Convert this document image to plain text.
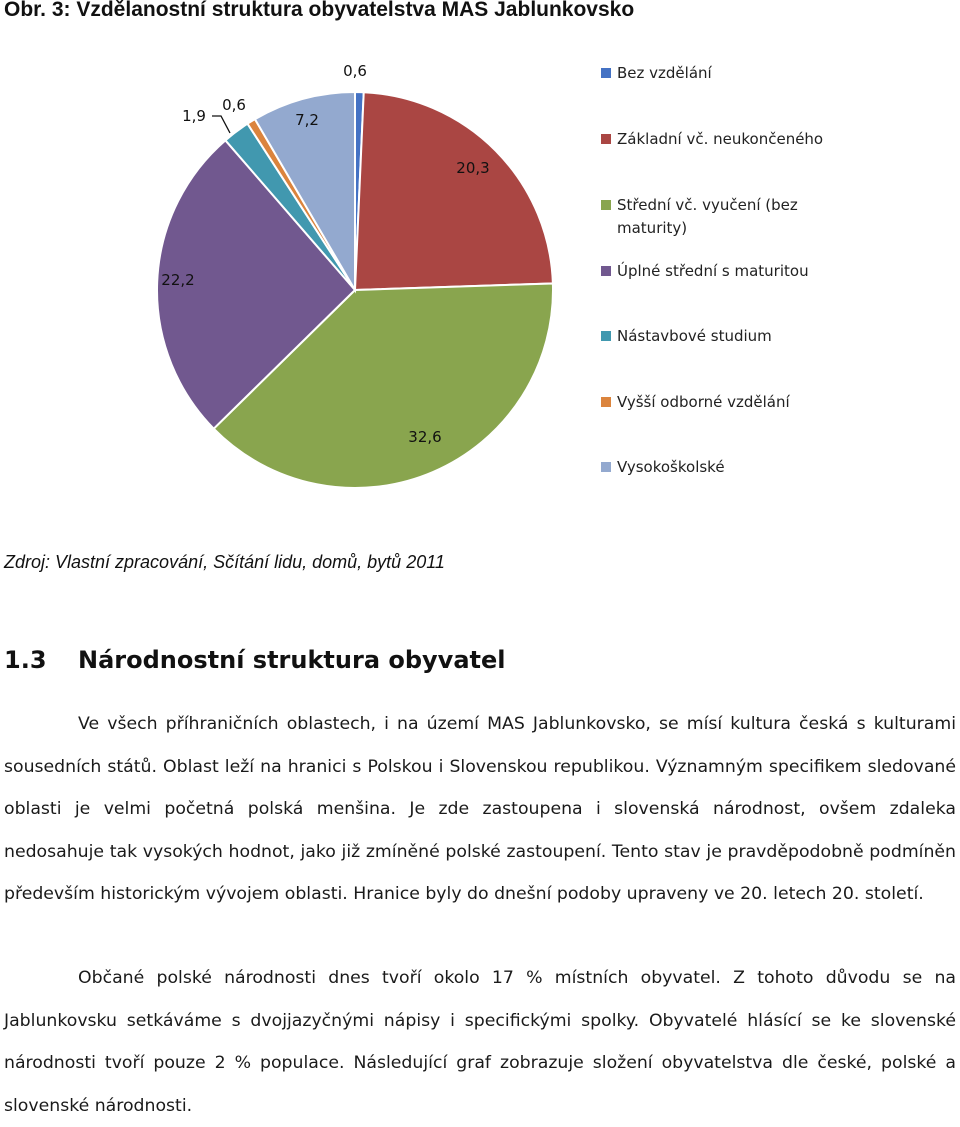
Obr. 3: Vzdělanostní struktura obyvatelstva MAS Jablunkovsko
0,6
20,3
32,6
22,2
1,9
0,6
7,2
Bez vzdělání
Základní vč. neukončeného
Střední vč. vyučení (bez maturity)
Úplné střední s maturitou
Nástavbové studium
Vyšší odborné vzdělání
Vysokoškolské
Zdroj: Vlastní zpracování, Sčítání lidu, domů, bytů 2011
1.3 Národnostní struktura obyvatel
Ve všech příhraničních oblastech, i na území MAS Jablunkovsko, se mísí kultura česká s kulturami sousedních států. Oblast leží na hranici s Polskou i Slovenskou republikou. Významným specifikem sledované oblasti je velmi početná polská menšina. Je zde zastoupena i slovenská národnost, ovšem zdaleka nedosahuje tak vysokých hodnot, jako již zmíněné polské zastoupení. Tento stav je pravděpodobně podmíněn především historickým vývojem oblasti. Hranice byly do dnešní podoby upraveny ve 20. letech 20. století.
Občané polské národnosti dnes tvoří okolo 17 % místních obyvatel. Z tohoto důvodu se na Jablunkovsku setkáváme s dvojjazyčnými nápisy i specifickými spolky. Obyvatelé hlásící se ke slovenské národnosti tvoří pouze 2 % populace. Následující graf zobrazuje složení obyvatelstva dle české, polské a slovenské národnosti.
